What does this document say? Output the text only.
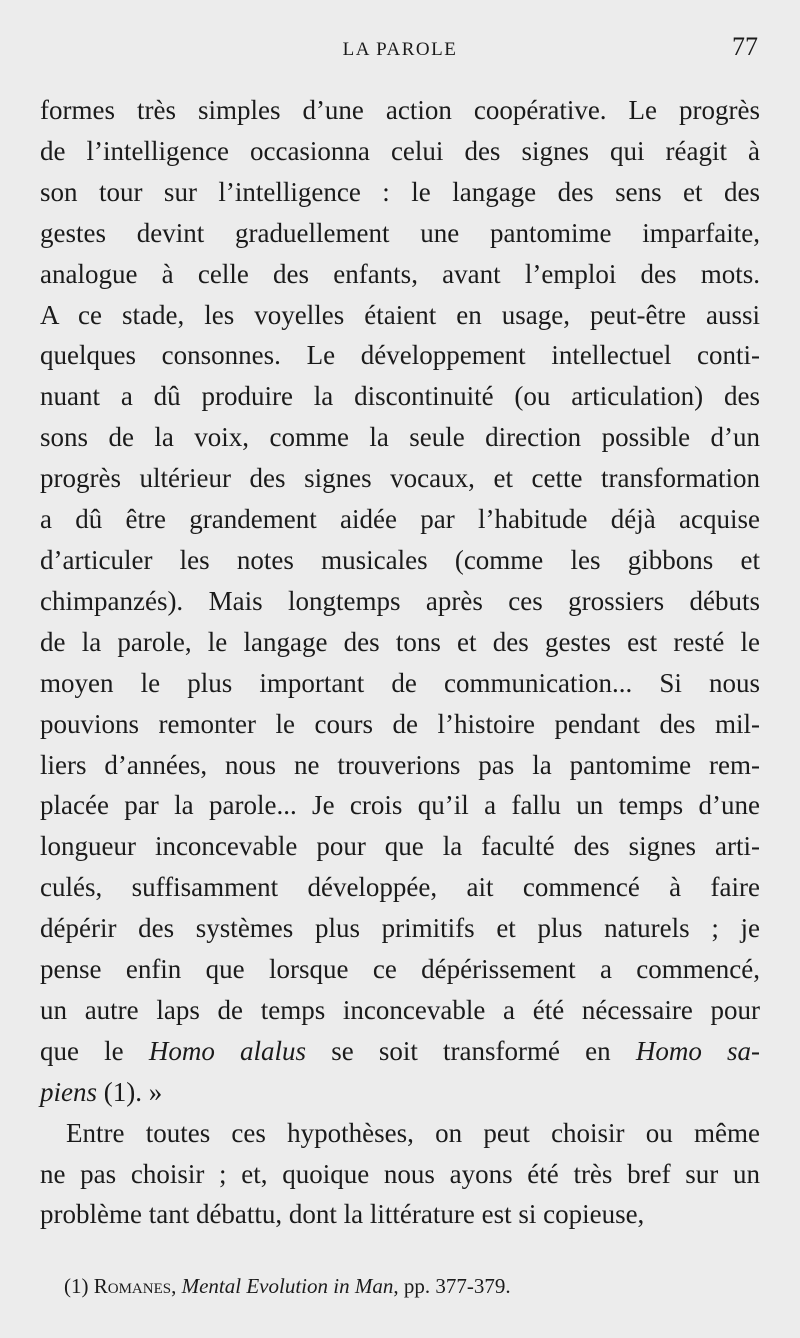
LA PAROLE	77
formes très simples d’une action coopérative. Le progrès
de l’intelligence occasionna celui des signes qui réagit à
son tour sur l’intelligence : le langage des sens et des
gestes devint graduellement une pantomime imparfaite,
analogue à celle des enfants, avant l’emploi des mots.
A ce stade, les voyelles étaient en usage, peut-être aussi
quelques consonnes. Le développement intellectuel conti-
nuant a dû produire la discontinuité (ou articulation) des
sons de la voix, comme la seule direction possible d’un
progrès ultérieur des signes vocaux, et cette transformation
a dû être grandement aidée par l’habitude déjà acquise
d’articuler les notes musicales (comme les gibbons et
chimpanzés). Mais longtemps après ces grossiers débuts
de la parole, le langage des tons et des gestes est resté le
moyen le plus important de communication... Si nous
pouvions remonter le cours de l’histoire pendant des mil-
liers d’années, nous ne trouverions pas la pantomime rem-
placée par la parole... Je crois qu’il a fallu un temps d’une
longueur inconcevable pour que la faculté des signes arti-
culés, suffisamment développée, ait commencé à faire
dépérir des systèmes plus primitifs et plus naturels ; je
pense enfin que lorsque ce dépérissement a commencé,
un autre laps de temps inconcevable a été nécessaire pour
que le Homo alalus se soit transformé en Homo sa-
piens (1). »
Entre toutes ces hypothèses, on peut choisir ou même
ne pas choisir ; et, quoique nous ayons été très bref sur un
problème tant débattu, dont la littérature est si copieuse,
(1) Romanes, Mental Evolution in Man, pp. 377-379.
